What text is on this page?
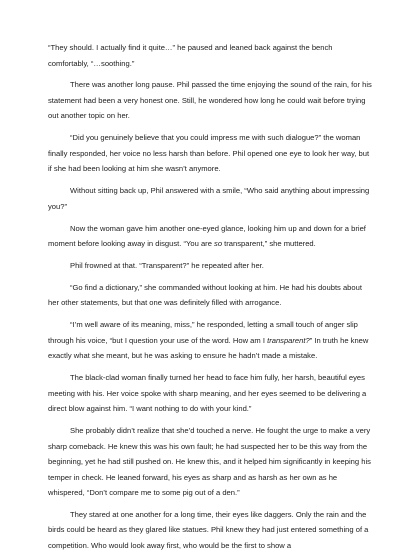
“They should. I actually find it quite…” he paused and leaned back against the bench comfortably, “…soothing.”

There was another long pause. Phil passed the time enjoying the sound of the rain, for his statement had been a very honest one. Still, he wondered how long he could wait before trying out another topic on her.

“Did you genuinely believe that you could impress me with such dialogue?” the woman finally responded, her voice no less harsh than before. Phil opened one eye to look her way, but if she had been looking at him she wasn’t anymore.

Without sitting back up, Phil answered with a smile, “Who said anything about impressing you?”

Now the woman gave him another one-eyed glance, looking him up and down for a brief moment before looking away in disgust. “You are so transparent,” she muttered.

Phil frowned at that. “Transparent?” he repeated after her.

“Go find a dictionary,” she commanded without looking at him. He had his doubts about her other statements, but that one was definitely filled with arrogance.

“I’m well aware of its meaning, miss,” he responded, letting a small touch of anger slip through his voice, “but I question your use of the word. How am I transparent?” In truth he knew exactly what she meant, but he was asking to ensure he hadn’t made a mistake.

The black-clad woman finally turned her head to face him fully, her harsh, beautiful eyes meeting with his. Her voice spoke with sharp meaning, and her eyes seemed to be delivering a direct blow against him. “I want nothing to do with your kind.”

She probably didn’t realize that she’d touched a nerve. He fought the urge to make a very sharp comeback. He knew this was his own fault; he had suspected her to be this way from the beginning, yet he had still pushed on. He knew this, and it helped him significantly in keeping his temper in check. He leaned forward, his eyes as sharp and as harsh as her own as he whispered, “Don’t compare me to some pig out of a den.”

They stared at one another for a long time, their eyes like daggers. Only the rain and the birds could be heard as they glared like statues. Phil knew they had just entered something of a competition. Who would look away first, who would be the first to show a
